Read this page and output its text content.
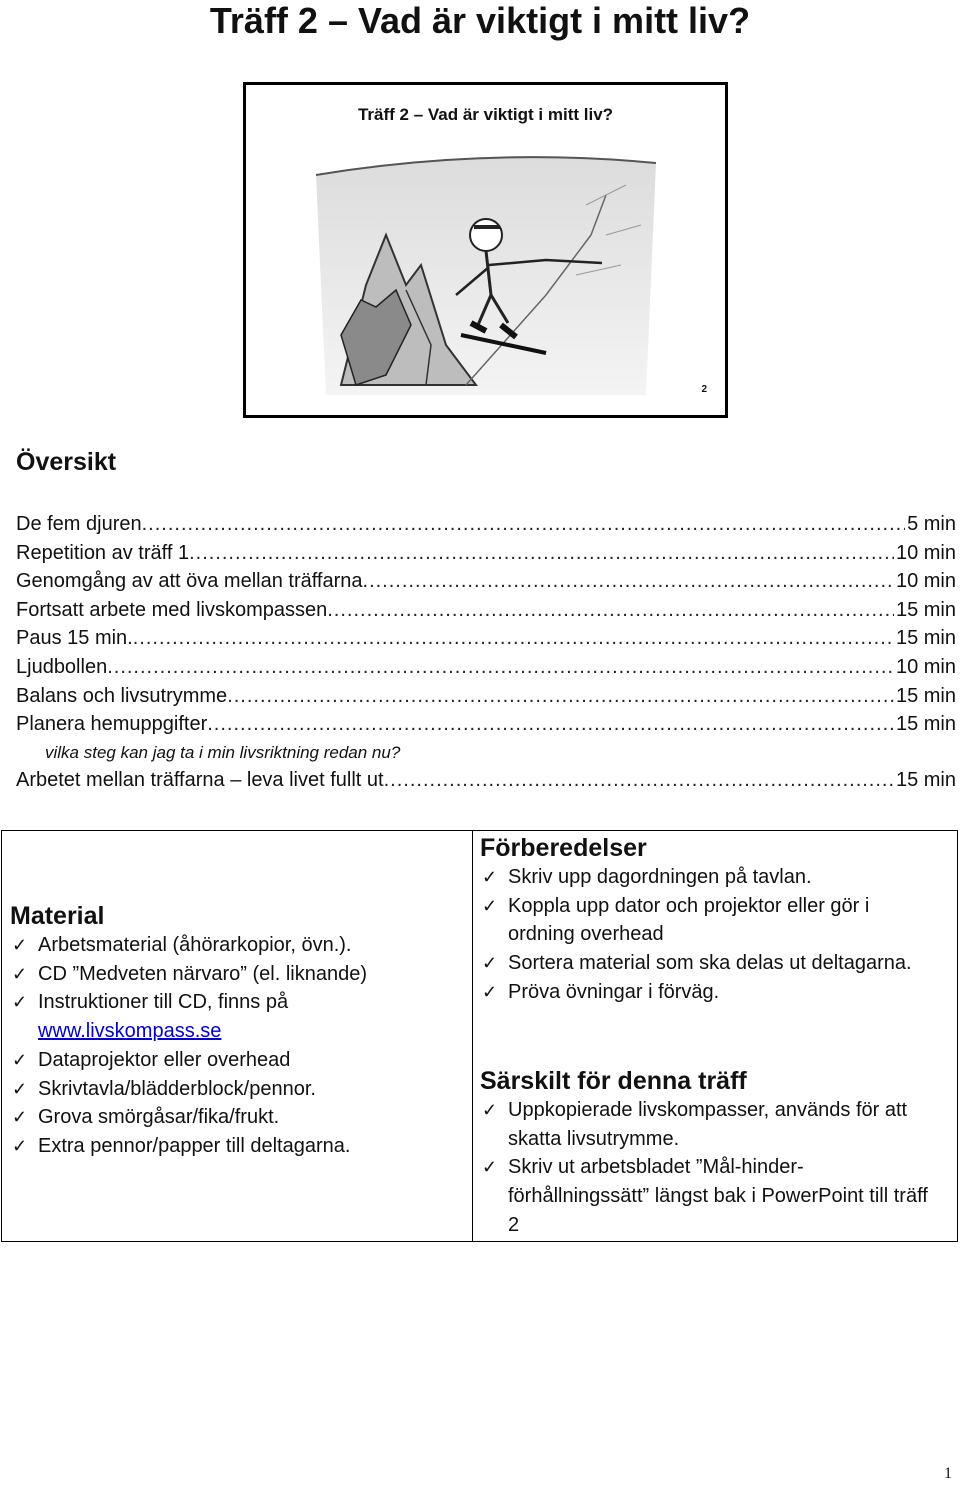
Träff 2 – Vad är viktigt i mitt liv?
Träff 2 – Vad är viktigt i mitt liv?
2
Översikt
De fem djuren .....	5 min
Repetition av träff 1 .....	10 min
Genomgång av att öva mellan träffarna .....	10 min
Fortsatt arbete med livskompassen .....	15 min
Paus 15 min. .....	15 min
Ljudbollen .....	10 min
Balans och livsutrymme .....	15 min
Planera hemuppgifter .....	15 min
vilka steg kan jag ta i min livsriktning redan nu?
Arbetet mellan träffarna – leva livet fullt ut .....	15 min
Material
✓ Arbetsmaterial (åhörarkopior, övn.).
✓ CD ”Medveten närvaro” (el. liknande)
✓ Instruktioner till CD, finns på
www.livskompass.se
✓ Dataprojektor eller overhead
✓ Skrivtavla/blädderblock/pennor.
✓ Grova smörgåsar/fika/frukt.
✓ Extra pennor/papper till deltagarna.
Förberedelser
✓ Skriv upp dagordningen på tavlan.
✓ Koppla upp dator och projektor eller gör i ordning overhead
✓ Sortera material som ska delas ut deltagarna.
✓ Pröva övningar i förväg.
Särskilt för denna träff
✓ Uppkopierade livskompasser, används för att skatta livsutrymme.
✓ Skriv ut arbetsbladet ”Mål-hinder-förhållningssätt” längst bak i PowerPoint till träff 2
1
